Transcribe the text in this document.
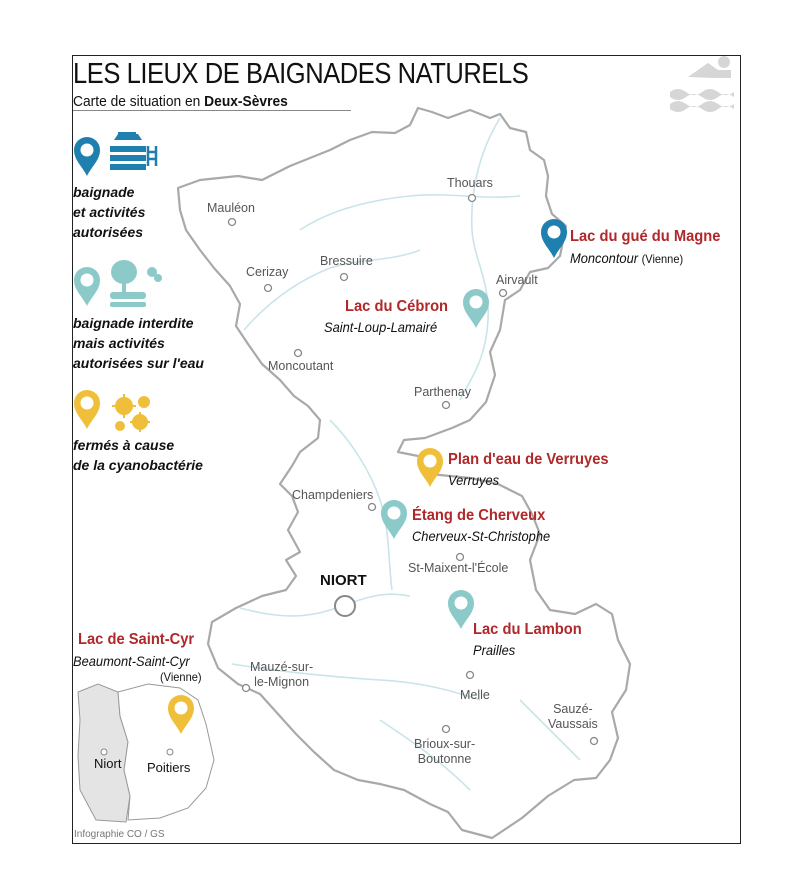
LES LIEUX DE BAIGNADES NATURELS
Carte de situation en Deux-Sèvres
baignade
et activités
autorisées
baignade interdite
mais activités
autorisées sur l'eau
fermés à cause
de la cyanobactérie
Thouars
Mauléon
Bressuire
Cerizay
Airvault
Moncoutant
Parthenay
Champdeniers
St-Maixent-l'École
Mauzé-sur-
le-Mignon
Melle
Sauzé-
Vaussais
Brioux-sur-
Boutonne
NIORT
Lac du gué du Magne
Moncontour (Vienne)
Lac du Cébron
Saint-Loup-Lamairé
Plan d'eau de Verruyes
Verruyes
Étang de Cherveux
Cherveux-St-Christophe
Lac du Lambon
Prailles
Lac de Saint-Cyr
Beaumont-Saint-Cyr
(Vienne)
Niort Poitiers
Infographie CO / GS
